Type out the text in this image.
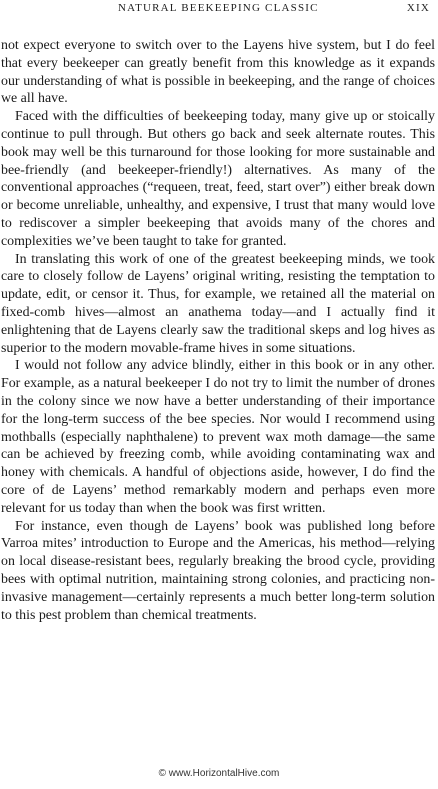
NATURAL BEEKEEPING CLASSIC	XIX

not expect everyone to switch over to the Layens hive system, but I do feel that every beekeeper can greatly benefit from this knowledge as it expands our understanding of what is possible in beekeeping, and the range of choices we all have.

Faced with the difficulties of beekeeping today, many give up or stoically continue to pull through. But others go back and seek alternate routes. This book may well be this turnaround for those looking for more sustainable and bee-friendly (and beekeeper-friendly!) alternatives. As many of the conventional approaches (“requeen, treat, feed, start over”) either break down or become unreliable, unhealthy, and expensive, I trust that many would love to rediscover a simpler beekeeping that avoids many of the chores and complexities we’ve been taught to take for granted.

In translating this work of one of the greatest beekeeping minds, we took care to closely follow de Layens’ original writing, resisting the temptation to update, edit, or censor it. Thus, for example, we retained all the material on fixed-comb hives—almost an anathema today—and I actually find it enlightening that de Layens clearly saw the traditional skeps and log hives as superior to the modern movable-frame hives in some situations.

I would not follow any advice blindly, either in this book or in any other. For example, as a natural beekeeper I do not try to limit the number of drones in the colony since we now have a better understanding of their importance for the long-term success of the bee species. Nor would I recommend using mothballs (especially naphthalene) to prevent wax moth damage—the same can be achieved by freezing comb, while avoiding contaminating wax and honey with chemicals. A handful of objections aside, however, I do find the core of de Layens’ method remarkably modern and perhaps even more relevant for us today than when the book was first written.

For instance, even though de Layens’ book was published long before Varroa mites’ introduction to Europe and the Americas, his method—relying on local disease-resistant bees, regularly breaking the brood cycle, providing bees with optimal nutrition, maintaining strong colonies, and practicing non-invasive management—certainly represents a much better long-term solution to this pest problem than chemical treatments.

© www.HorizontalHive.com
